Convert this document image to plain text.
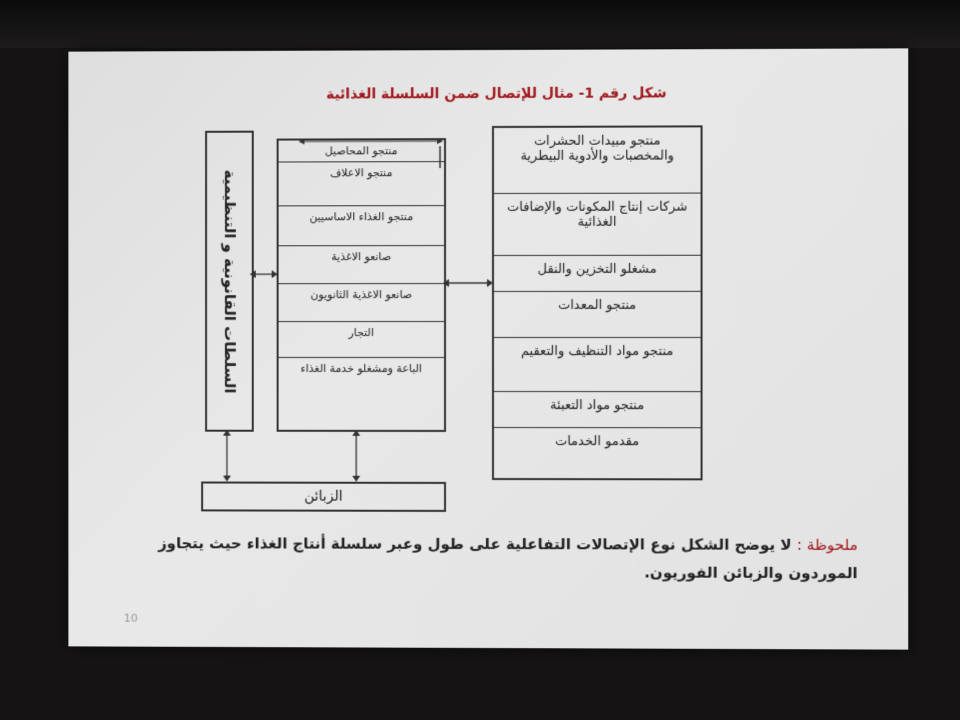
شكل رقم 1- مثال للإتصال ضمن السلسلة الغذائية
السلطات القانونية و التنظيمية
منتجو المحاصيل
منتجو الاعلاف
منتجو الغذاء الاساسيين
صانعو الاغذية
صانعو الاغذية الثانويون
التجار
الباعة ومشغلو خدمة الغذاء
منتجو مبيدات الحشرات والمخصبات والأدوية البيطرية
شركات إنتاج المكونات والإضافات الغذائية
مشغلو التخزين والنقل
منتجو المعدات
منتجو مواد التنظيف والتعقيم
منتجو مواد التعبئة
مقدمو الخدمات
الزبائن
ملحوظة : لا يوضح الشكل نوع الإتصالات التفاعلية على طول وعبر سلسلة أنتاج الغذاء حيث يتجاوز الموردون والزبائن الفوريون.
10
